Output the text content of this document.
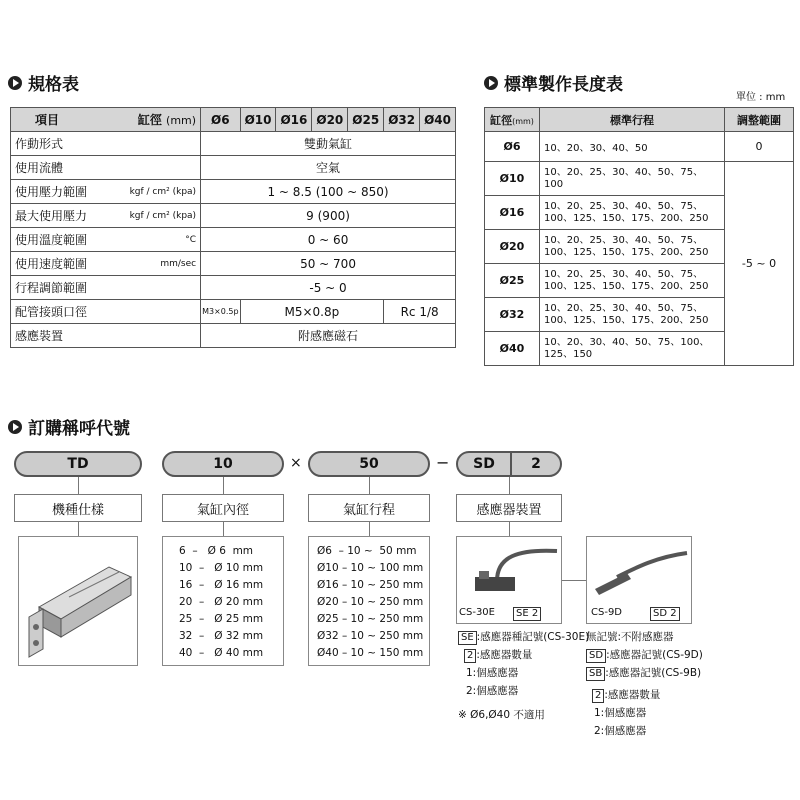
規格表
項目 缸徑 (mm)	Ø6	Ø10	Ø16	Ø20	Ø25	Ø32	Ø40

作動形式	雙動氣缸						

使用流體	空氣						

使用壓力範圍 kgf / cm² (kpa)	1 ~ 8.5 (100 ~ 850)						

最大使用壓力 kgf / cm² (kpa)	9 (900)						

使用溫度範圍 °C	0 ~ 60						

使用速度範圍 mm/sec	50 ~ 700						

行程調節範圍	-5 ~ 0						

配管接頭口徑	M3×0.5p	M5×0.8p				Rc 1/8	

感應裝置	附感應磁石						
標準製作長度表
單位 : mm
缸徑(mm)	標準行程	調整範圍
Ø6	10、20、30、40、50	0
Ø10	10、20、25、30、40、50、75、100	-5 ~ 0
Ø16	10、20、25、30、40、50、75、100、125、150、175、200、250	
Ø20	10、20、25、30、40、50、75、100、125、150、175、200、250	
Ø25	10、20、25、30、40、50、75、100、125、150、175、200、250	
Ø32	10、20、25、30、40、50、75、100、125、150、175、200、250	
Ø40	10、20、30、40、50、75、100、125、150	
訂購稱呼代號
TD	10	×	50	−	SD	2
機種仕樣	氣缸內徑	氣缸行程	感應器裝置
6  –   Ø 6  mm
10  –   Ø 10 mm
16  –   Ø 16 mm
20  –   Ø 20 mm
25  –   Ø 25 mm
32  –   Ø 32 mm
40  –   Ø 40 mm
Ø6  – 10 ~  50 mm
Ø10 – 10 ~ 100 mm
Ø16 – 10 ~ 250 mm
Ø20 – 10 ~ 250 mm
Ø25 – 10 ~ 250 mm
Ø32 – 10 ~ 250 mm
Ø40 – 10 ~ 150 mm
CS-30E	SE 2	CS-9D	SD 2
SE :感應器種記號(CS-30E)
2 :感應器數量
1:個感應器
2:個感應器
※ Ø6,Ø40 不適用
無記號:不附感應器
SD :感應器記號(CS-9D)
SB :感應器記號(CS-9B)
2 :感應器數量
1:個感應器
2:個感應器
